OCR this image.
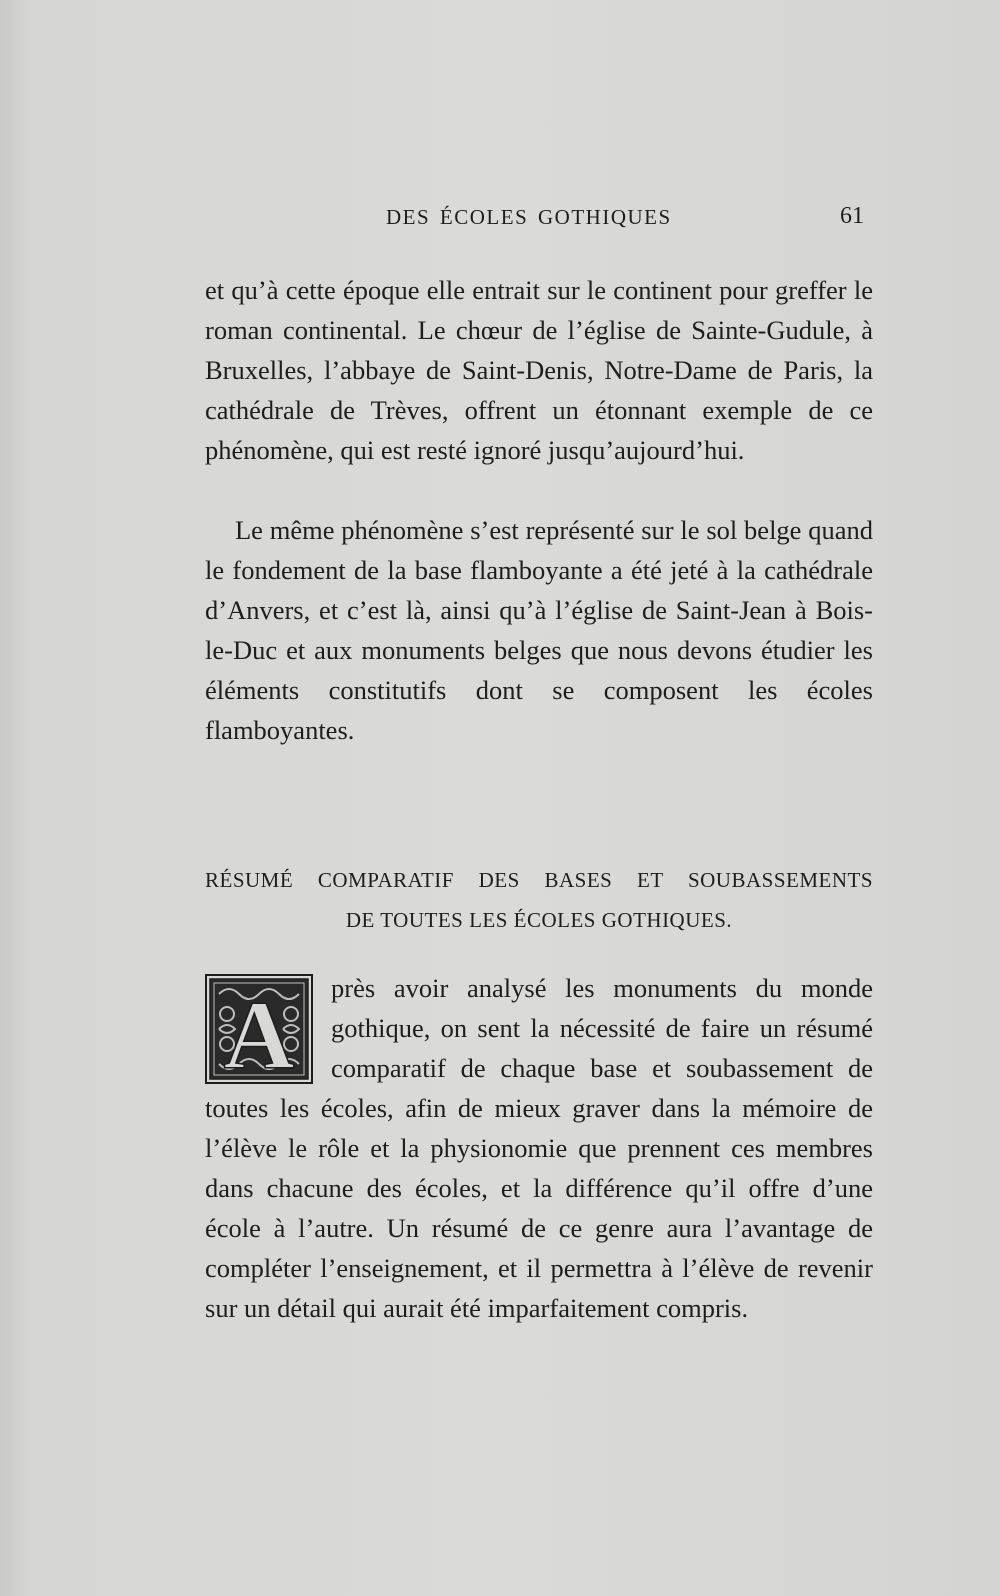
DES ÉCOLES GOTHIQUES	61

et qu’à cette époque elle entrait sur le continent pour greffer le roman continental. Le chœur de l’église de Sainte-Gudule, à Bruxelles, l’abbaye de Saint-Denis, Notre-Dame de Paris, la cathédrale de Trèves, offrent un étonnant exemple de ce phénomène, qui est resté ignoré jusqu’aujourd’hui.

Le même phénomène s’est représenté sur le sol belge quand le fondement de la base flamboyante a été jeté à la cathédrale d’Anvers, et c’est là, ainsi qu’à l’église de Saint-Jean à Bois-le-Duc et aux monuments belges que nous devons étudier les éléments constitutifs dont se composent les écoles flamboyantes.

RÉSUMÉ COMPARATIF DES BASES ET SOUBASSEMENTS
DE TOUTES LES ÉCOLES GOTHIQUES.
A près avoir analysé les monuments du monde gothique, on sent la nécessité de faire un résumé comparatif de chaque base et soubassement de toutes les écoles, afin de mieux graver dans la mémoire de l’élève le rôle et la physionomie que prennent ces membres dans chacune des écoles, et la différence qu’il offre d’une école à l’autre. Un résumé de ce genre aura l’avantage de compléter l’enseignement, et il permettra à l’élève de revenir sur un détail qui aurait été imparfaitement compris.
